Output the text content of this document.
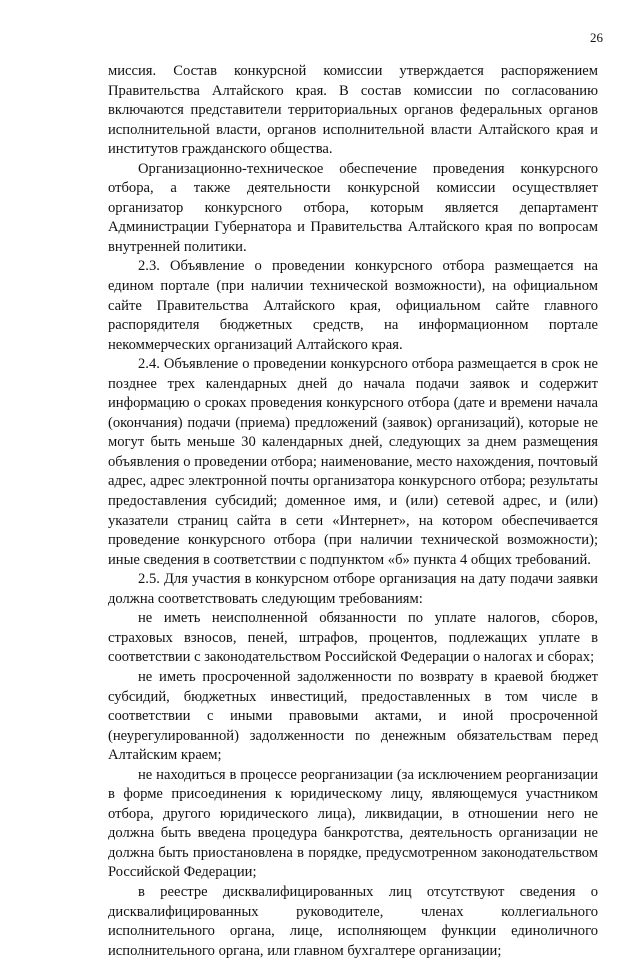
26

миссия. Состав конкурсной комиссии утверждается распоряжением Правительства Алтайского края. В состав комиссии по согласованию включаются представители территориальных органов федеральных органов исполнительной власти, органов исполнительной власти Алтайского края и институтов гражданского общества.

Организационно-техническое обеспечение проведения конкурсного отбора, а также деятельности конкурсной комиссии осуществляет организатор конкурсного отбора, которым является департамент Администрации Губернатора и Правительства Алтайского края по вопросам внутренней политики.

2.3. Объявление о проведении конкурсного отбора размещается на едином портале (при наличии технической возможности), на официальном сайте Правительства Алтайского края, официальном сайте главного распорядителя бюджетных средств, на информационном портале некоммерческих организаций Алтайского края.

2.4. Объявление о проведении конкурсного отбора размещается в срок не позднее трех календарных дней до начала подачи заявок и содержит информацию о сроках проведения конкурсного отбора (дате и времени начала (окончания) подачи (приема) предложений (заявок) организаций), которые не могут быть меньше 30 календарных дней, следующих за днем размещения объявления о проведении отбора; наименование, место нахождения, почтовый адрес, адрес электронной почты организатора конкурсного отбора; результаты предоставления субсидий; доменное имя, и (или) сетевой адрес, и (или) указатели страниц сайта в сети «Интернет», на котором обеспечивается проведение конкурсного отбора (при наличии технической возможности); иные сведения в соответствии с подпунктом «б» пункта 4 общих требований.

2.5. Для участия в конкурсном отборе организация на дату подачи заявки должна соответствовать следующим требованиям:

не иметь неисполненной обязанности по уплате налогов, сборов, страховых взносов, пеней, штрафов, процентов, подлежащих уплате в соответствии с законодательством Российской Федерации о налогах и сборах;

не иметь просроченной задолженности по возврату в краевой бюджет субсидий, бюджетных инвестиций, предоставленных в том числе в соответствии с иными правовыми актами, и иной просроченной (неурегулированной) задолженности по денежным обязательствам перед Алтайским краем;

не находиться в процессе реорганизации (за исключением реорганизации в форме присоединения к юридическому лицу, являющемуся участником отбора, другого юридического лица), ликвидации, в отношении него не должна быть введена процедура банкротства, деятельность организации не должна быть приостановлена в порядке, предусмотренном законодательством Российской Федерации;

в реестре дисквалифицированных лиц отсутствуют сведения о дисквалифицированных руководителе, членах коллегиального исполнительного органа, лице, исполняющем функции единоличного исполнительного органа, или главном бухгалтере организации;
